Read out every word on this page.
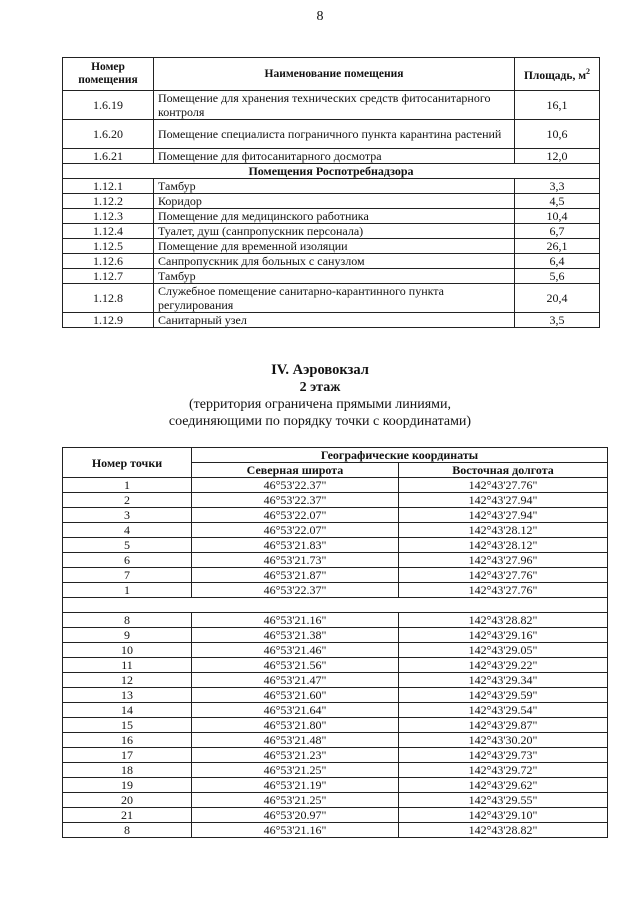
8
Номер помещения	Наименование помещения	Площадь, $м^2$
1.6.19	Помещение для хранения технических средств фитосанитарного контроля	16,1
1.6.20	Помещение специалиста пограничного пункта карантина растений	10,6
1.6.21	Помещение для фитосанитарного досмотра	12,0
Помещения Роспотребнадзора		
1.12.1	Тамбур	3,3
1.12.2	Коридор	4,5
1.12.3	Помещение для медицинского работника	10,4
1.12.4	Туалет, душ (санпропускник персонала)	6,7
1.12.5	Помещение для временной изоляции	26,1
1.12.6	Санпропускник для больных с санузлом	6,4
1.12.7	Тамбур	5,6
1.12.8	Служебное помещение санитарно-карантинного пункта регулирования	20,4
1.12.9	Санитарный узел	3,5
IV. Аэровокзал
2 этаж
(территория ограничена прямыми линиями,
соединяющими по порядку точки с координатами)
Номер точки	Географические координаты	
	Северная широта	Восточная долгота
1	46°53'22.37"	142°43'27.76"
2	46°53'22.37"	142°43'27.94"
3	46°53'22.07"	142°43'27.94"
4	46°53'22.07"	142°43'28.12"
5	46°53'21.83"	142°43'28.12"
6	46°53'21.73"	142°43'27.96"
7	46°53'21.87"	142°43'27.76"
1	46°53'22.37"	142°43'27.76"

8	46°53'21.16"	142°43'28.82"
9	46°53'21.38"	142°43'29.16"
10	46°53'21.46"	142°43'29.05"
11	46°53'21.56"	142°43'29.22"
12	46°53'21.47"	142°43'29.34"
13	46°53'21.60"	142°43'29.59"
14	46°53'21.64"	142°43'29.54"
15	46°53'21.80"	142°43'29.87"
16	46°53'21.48"	142°43'30.20"
17	46°53'21.23"	142°43'29.73"
18	46°53'21.25"	142°43'29.72"
19	46°53'21.19"	142°43'29.62"
20	46°53'21.25"	142°43'29.55"
21	46°53'20.97"	142°43'29.10"
8	46°53'21.16"	142°43'28.82"
